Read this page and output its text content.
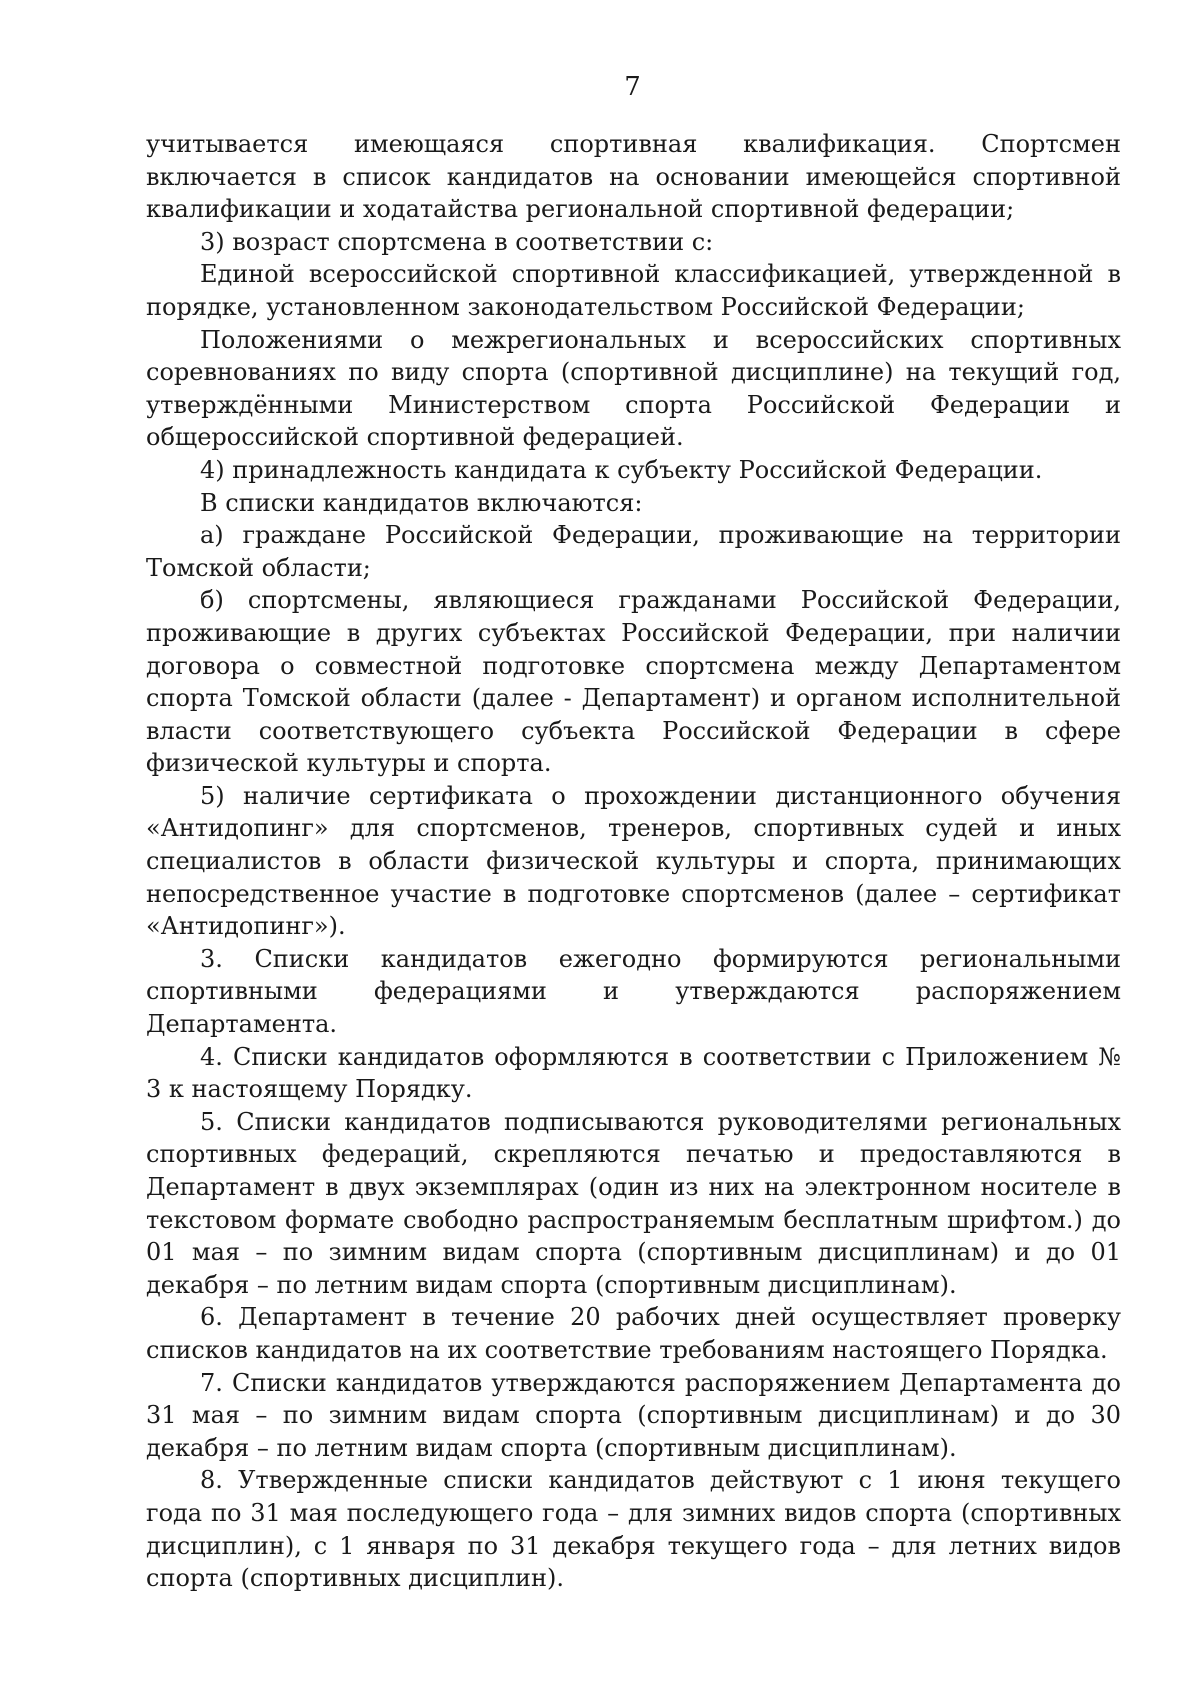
7

учитывается имеющаяся спортивная квалификация. Спортсмен включается в список кандидатов на основании имеющейся спортивной квалификации и ходатайства региональной спортивной федерации;

3) возраст спортсмена в соответствии с:

Единой всероссийской спортивной классификацией, утвержденной в порядке, установленном законодательством Российской Федерации;

Положениями о межрегиональных и всероссийских спортивных соревнованиях по виду спорта (спортивной дисциплине) на текущий год, утверждёнными Министерством спорта Российской Федерации и общероссийской спортивной федерацией.

4) принадлежность кандидата к субъекту Российской Федерации.

В списки кандидатов включаются:

а) граждане Российской Федерации, проживающие на территории Томской области;

б) спортсмены, являющиеся гражданами Российской Федерации, проживающие в других субъектах Российской Федерации, при наличии договора о совместной подготовке спортсмена между Департаментом спорта Томской области (далее - Департамент) и органом исполнительной власти соответствующего субъекта Российской Федерации в сфере физической культуры и спорта.

5) наличие сертификата о прохождении дистанционного обучения «Антидопинг» для спортсменов, тренеров, спортивных судей и иных специалистов в области физической культуры и спорта, принимающих непосредственное участие в подготовке спортсменов (далее – сертификат «Антидопинг»).

3. Списки кандидатов ежегодно формируются региональными спортивными федерациями и утверждаются распоряжением Департамента.

4. Списки кандидатов оформляются в соответствии с Приложением № 3 к настоящему Порядку.

5. Списки кандидатов подписываются руководителями региональных спортивных федераций, скрепляются печатью и предоставляются в Департамент в двух экземплярах (один из них на электронном носителе в текстовом формате свободно распространяемым бесплатным шрифтом.) до 01 мая – по зимним видам спорта (спортивным дисциплинам) и до 01 декабря – по летним видам спорта (спортивным дисциплинам).

6. Департамент в течение 20 рабочих дней осуществляет проверку списков кандидатов на их соответствие требованиям настоящего Порядка.

7. Списки кандидатов утверждаются распоряжением Департамента до 31 мая – по зимним видам спорта (спортивным дисциплинам) и до 30 декабря – по летним видам спорта (спортивным дисциплинам).

8. Утвержденные списки кандидатов действуют с 1 июня текущего года по 31 мая последующего года – для зимних видов спорта (спортивных дисциплин), с 1 января по 31 декабря текущего года – для летних видов спорта (спортивных дисциплин).
